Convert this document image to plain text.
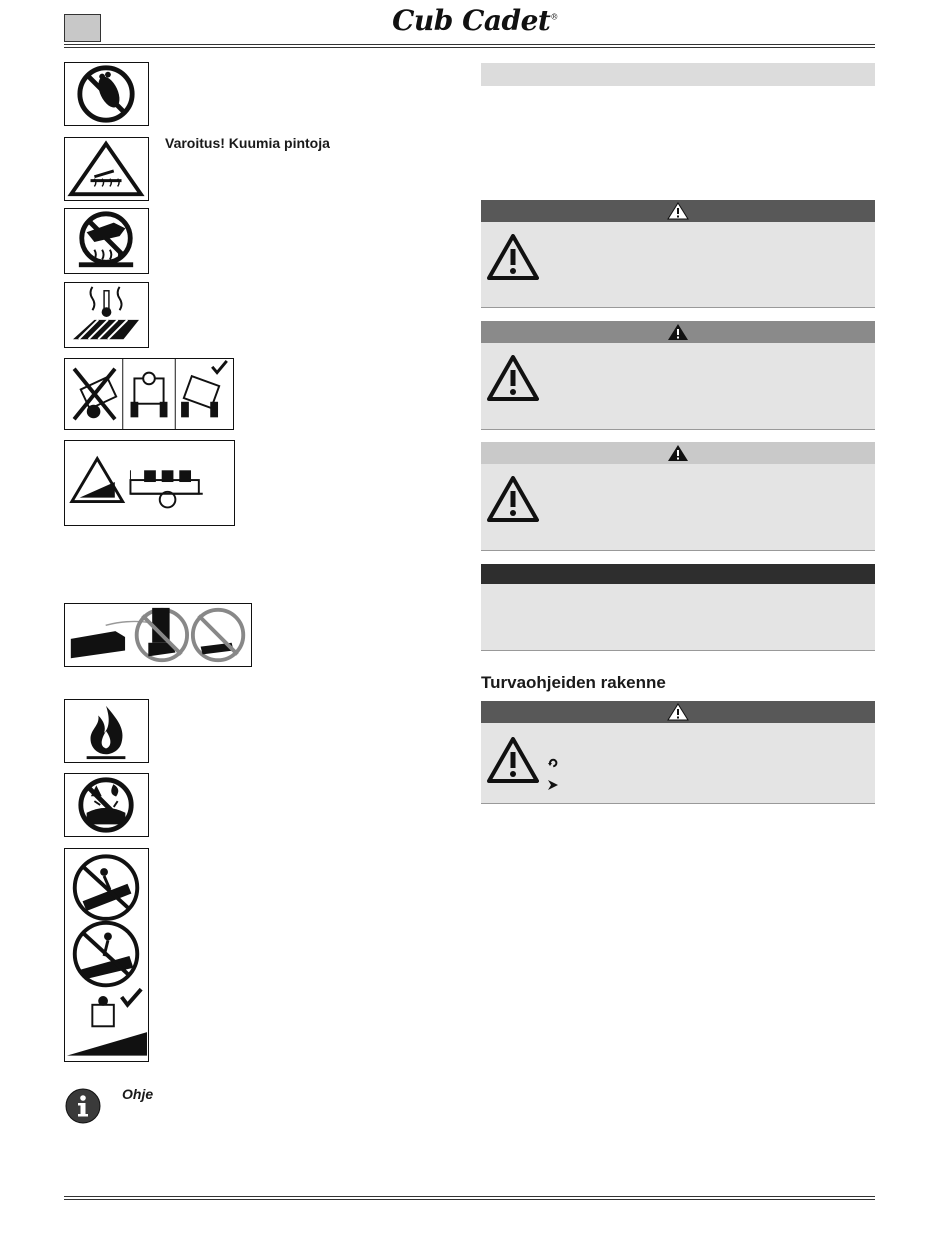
Cub Cadet®
Varoitus! Kuumia pintoja
Ohje
Turvaohjeiden rakenne
